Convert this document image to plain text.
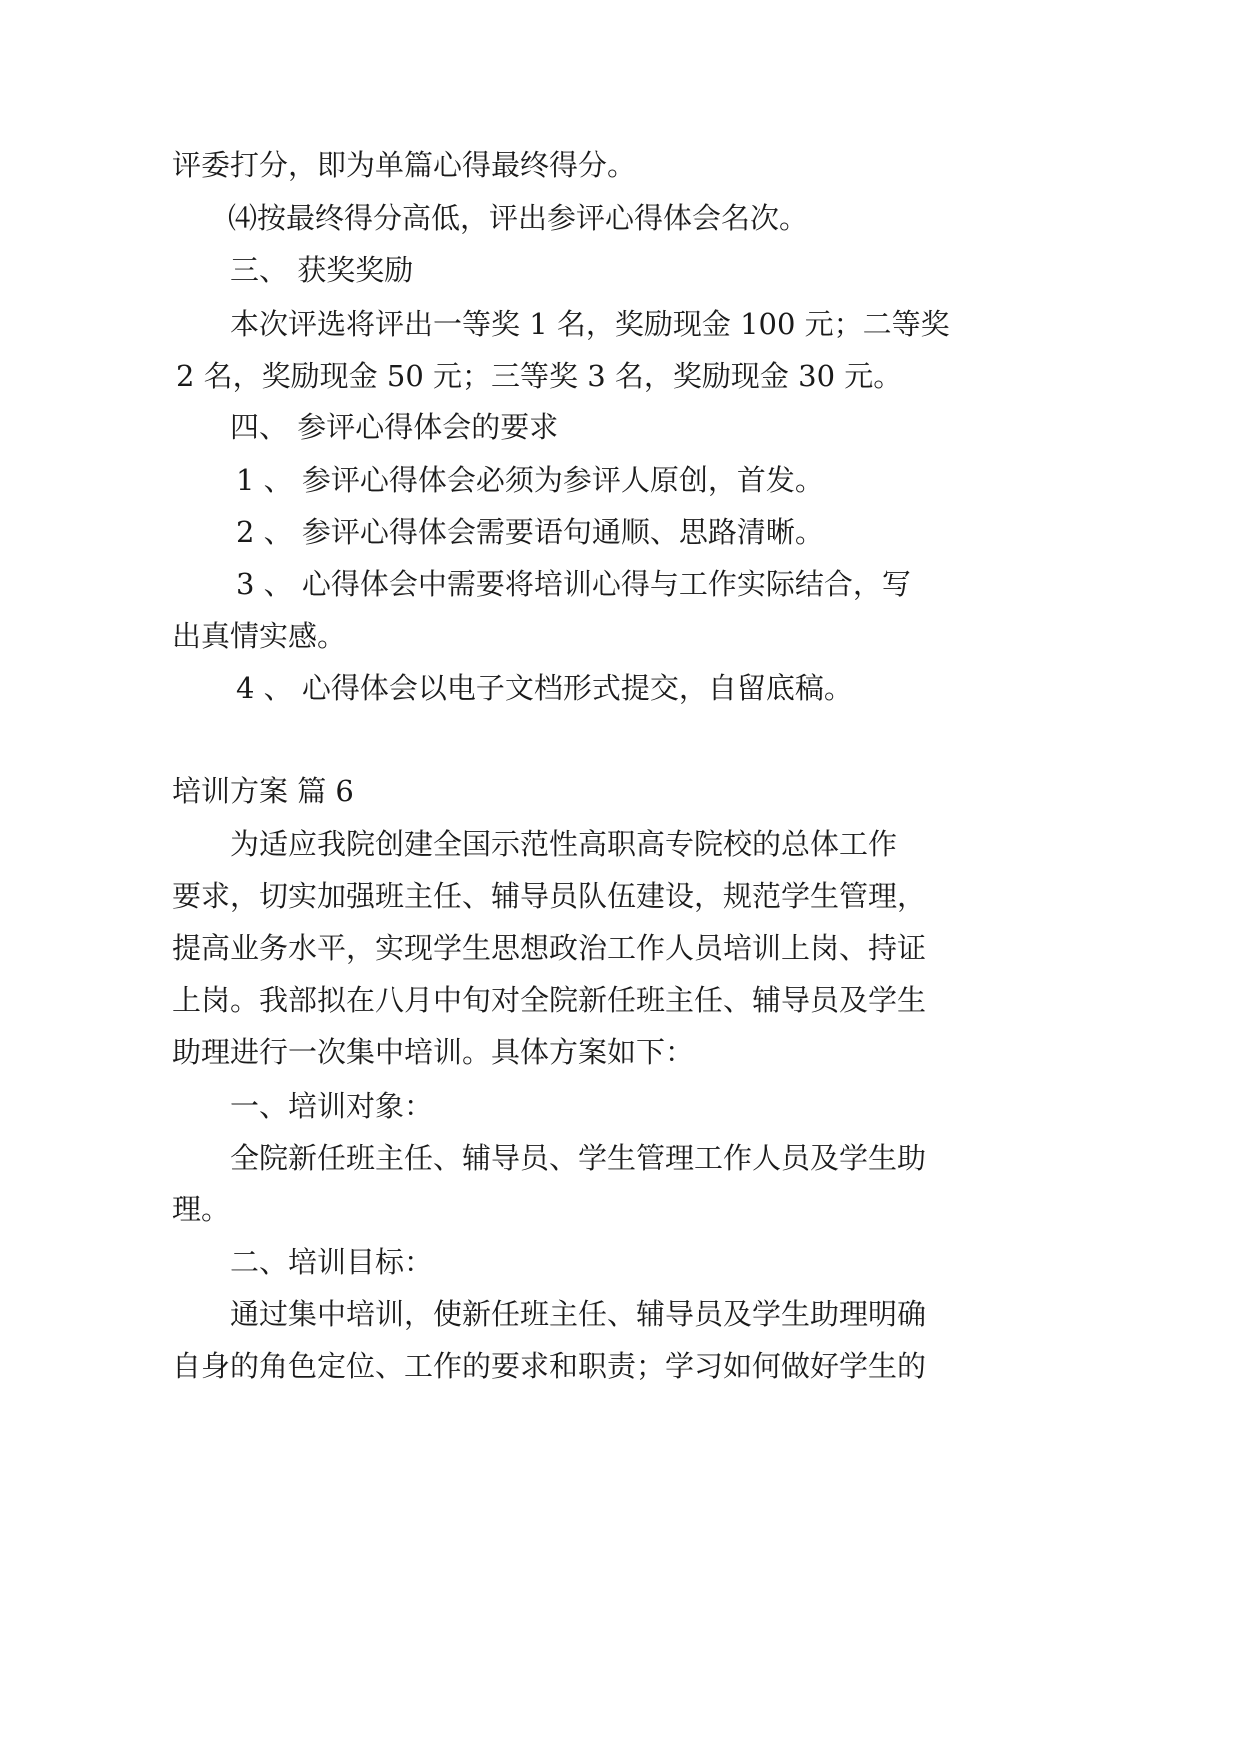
评委打分，即为单篇心得最终得分。
⑷按最终得分高低，评出参评心得体会名次。
三、 获奖奖励
本次评选将评出一等奖 1 名，奖励现金 100 元；二等奖
2 名，奖励现金 50 元；三等奖 3 名，奖励现金 30 元。
四、 参评心得体会的要求
1 、 参评心得体会必须为参评人原创，首发。
2 、 参评心得体会需要语句通顺、思路清晰。
3 、 心得体会中需要将培训心得与工作实际结合，写
出真情实感。
4 、 心得体会以电子文档形式提交，自留底稿。
培训方案 篇 6
为适应我院创建全国示范性高职高专院校的总体工作
要求，切实加强班主任、辅导员队伍建设，规范学生管理，
提高业务水平，实现学生思想政治工作人员培训上岗、持证
上岗。我部拟在八月中旬对全院新任班主任、辅导员及学生
助理进行一次集中培训。具体方案如下：
一、培训对象：
全院新任班主任、辅导员、学生管理工作人员及学生助
理。
二、培训目标：
通过集中培训，使新任班主任、辅导员及学生助理明确
自身的角色定位、工作的要求和职责；学习如何做好学生的
